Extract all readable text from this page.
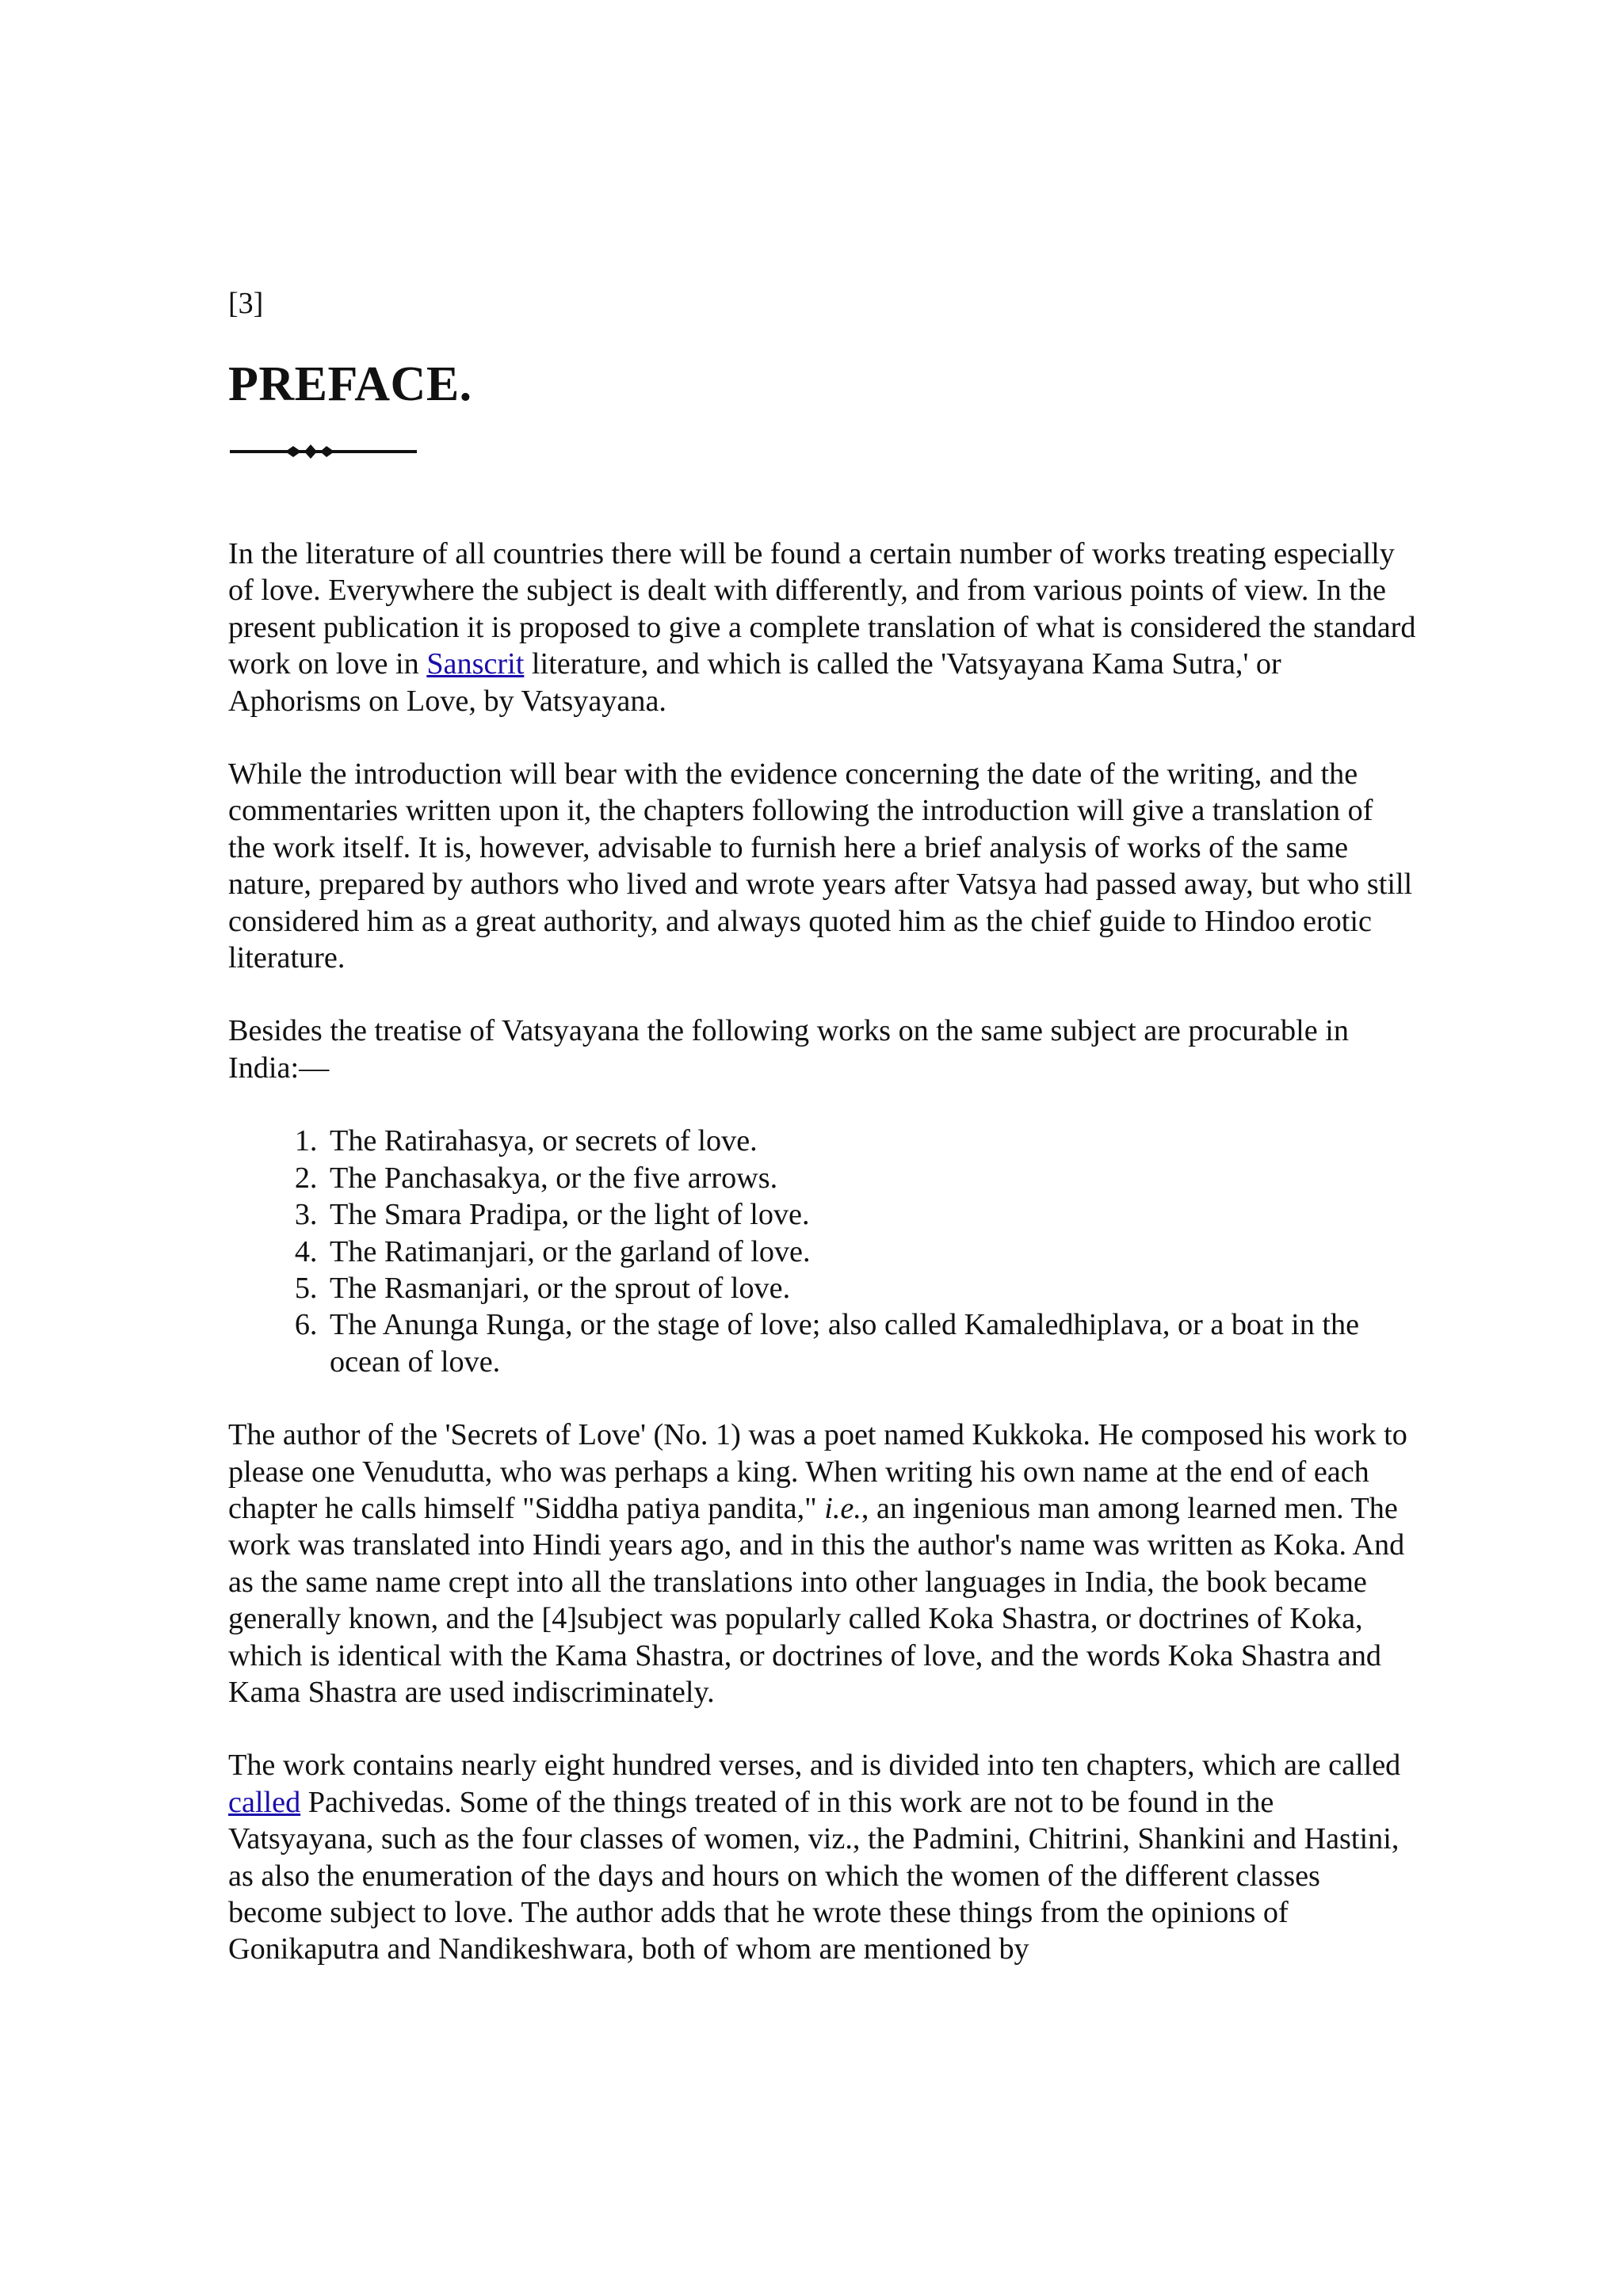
[3]
PREFACE.

In the literature of all countries there will be found a certain number of works treating especially of love. Everywhere the subject is dealt with differently, and from various points of view. In the present publication it is proposed to give a complete translation of what is considered the standard work on love in Sanscrit literature, and which is called the 'Vatsyayana Kama Sutra,' or Aphorisms on Love, by Vatsyayana.

While the introduction will bear with the evidence concerning the date of the writing, and the commentaries written upon it, the chapters following the introduction will give a translation of the work itself. It is, however, advisable to furnish here a brief analysis of works of the same nature, prepared by authors who lived and wrote years after Vatsya had passed away, but who still considered him as a great authority, and always quoted him as the chief guide to Hindoo erotic literature.

Besides the treatise of Vatsyayana the following works on the same subject are procurable in India:—

1. The Ratirahasya, or secrets of love.
2. The Panchasakya, or the five arrows.
3. The Smara Pradipa, or the light of love.
4. The Ratimanjari, or the garland of love.
5. The Rasmanjari, or the sprout of love.
6. The Anunga Runga, or the stage of love; also called Kamaledhiplava, or a boat in the ocean of love.

The author of the 'Secrets of Love' (No. 1) was a poet named Kukkoka. He composed his work to please one Venudutta, who was perhaps a king. When writing his own name at the end of each chapter he calls himself "Siddha patiya pandita," i.e., an ingenious man among learned men. The work was translated into Hindi years ago, and in this the author's name was written as Koka. And as the same name crept into all the translations into other languages in India, the book became generally known, and the [4]subject was popularly called Koka Shastra, or doctrines of Koka, which is identical with the Kama Shastra, or doctrines of love, and the words Koka Shastra and Kama Shastra are used indiscriminately.

The work contains nearly eight hundred verses, and is divided into ten chapters, which are called called Pachivedas. Some of the things treated of in this work are not to be found in the Vatsyayana, such as the four classes of women, viz., the Padmini, Chitrini, Shankini and Hastini, as also the enumeration of the days and hours on which the women of the different classes become subject to love. The author adds that he wrote these things from the opinions of Gonikaputra and Nandikeshwara, both of whom are mentioned by
